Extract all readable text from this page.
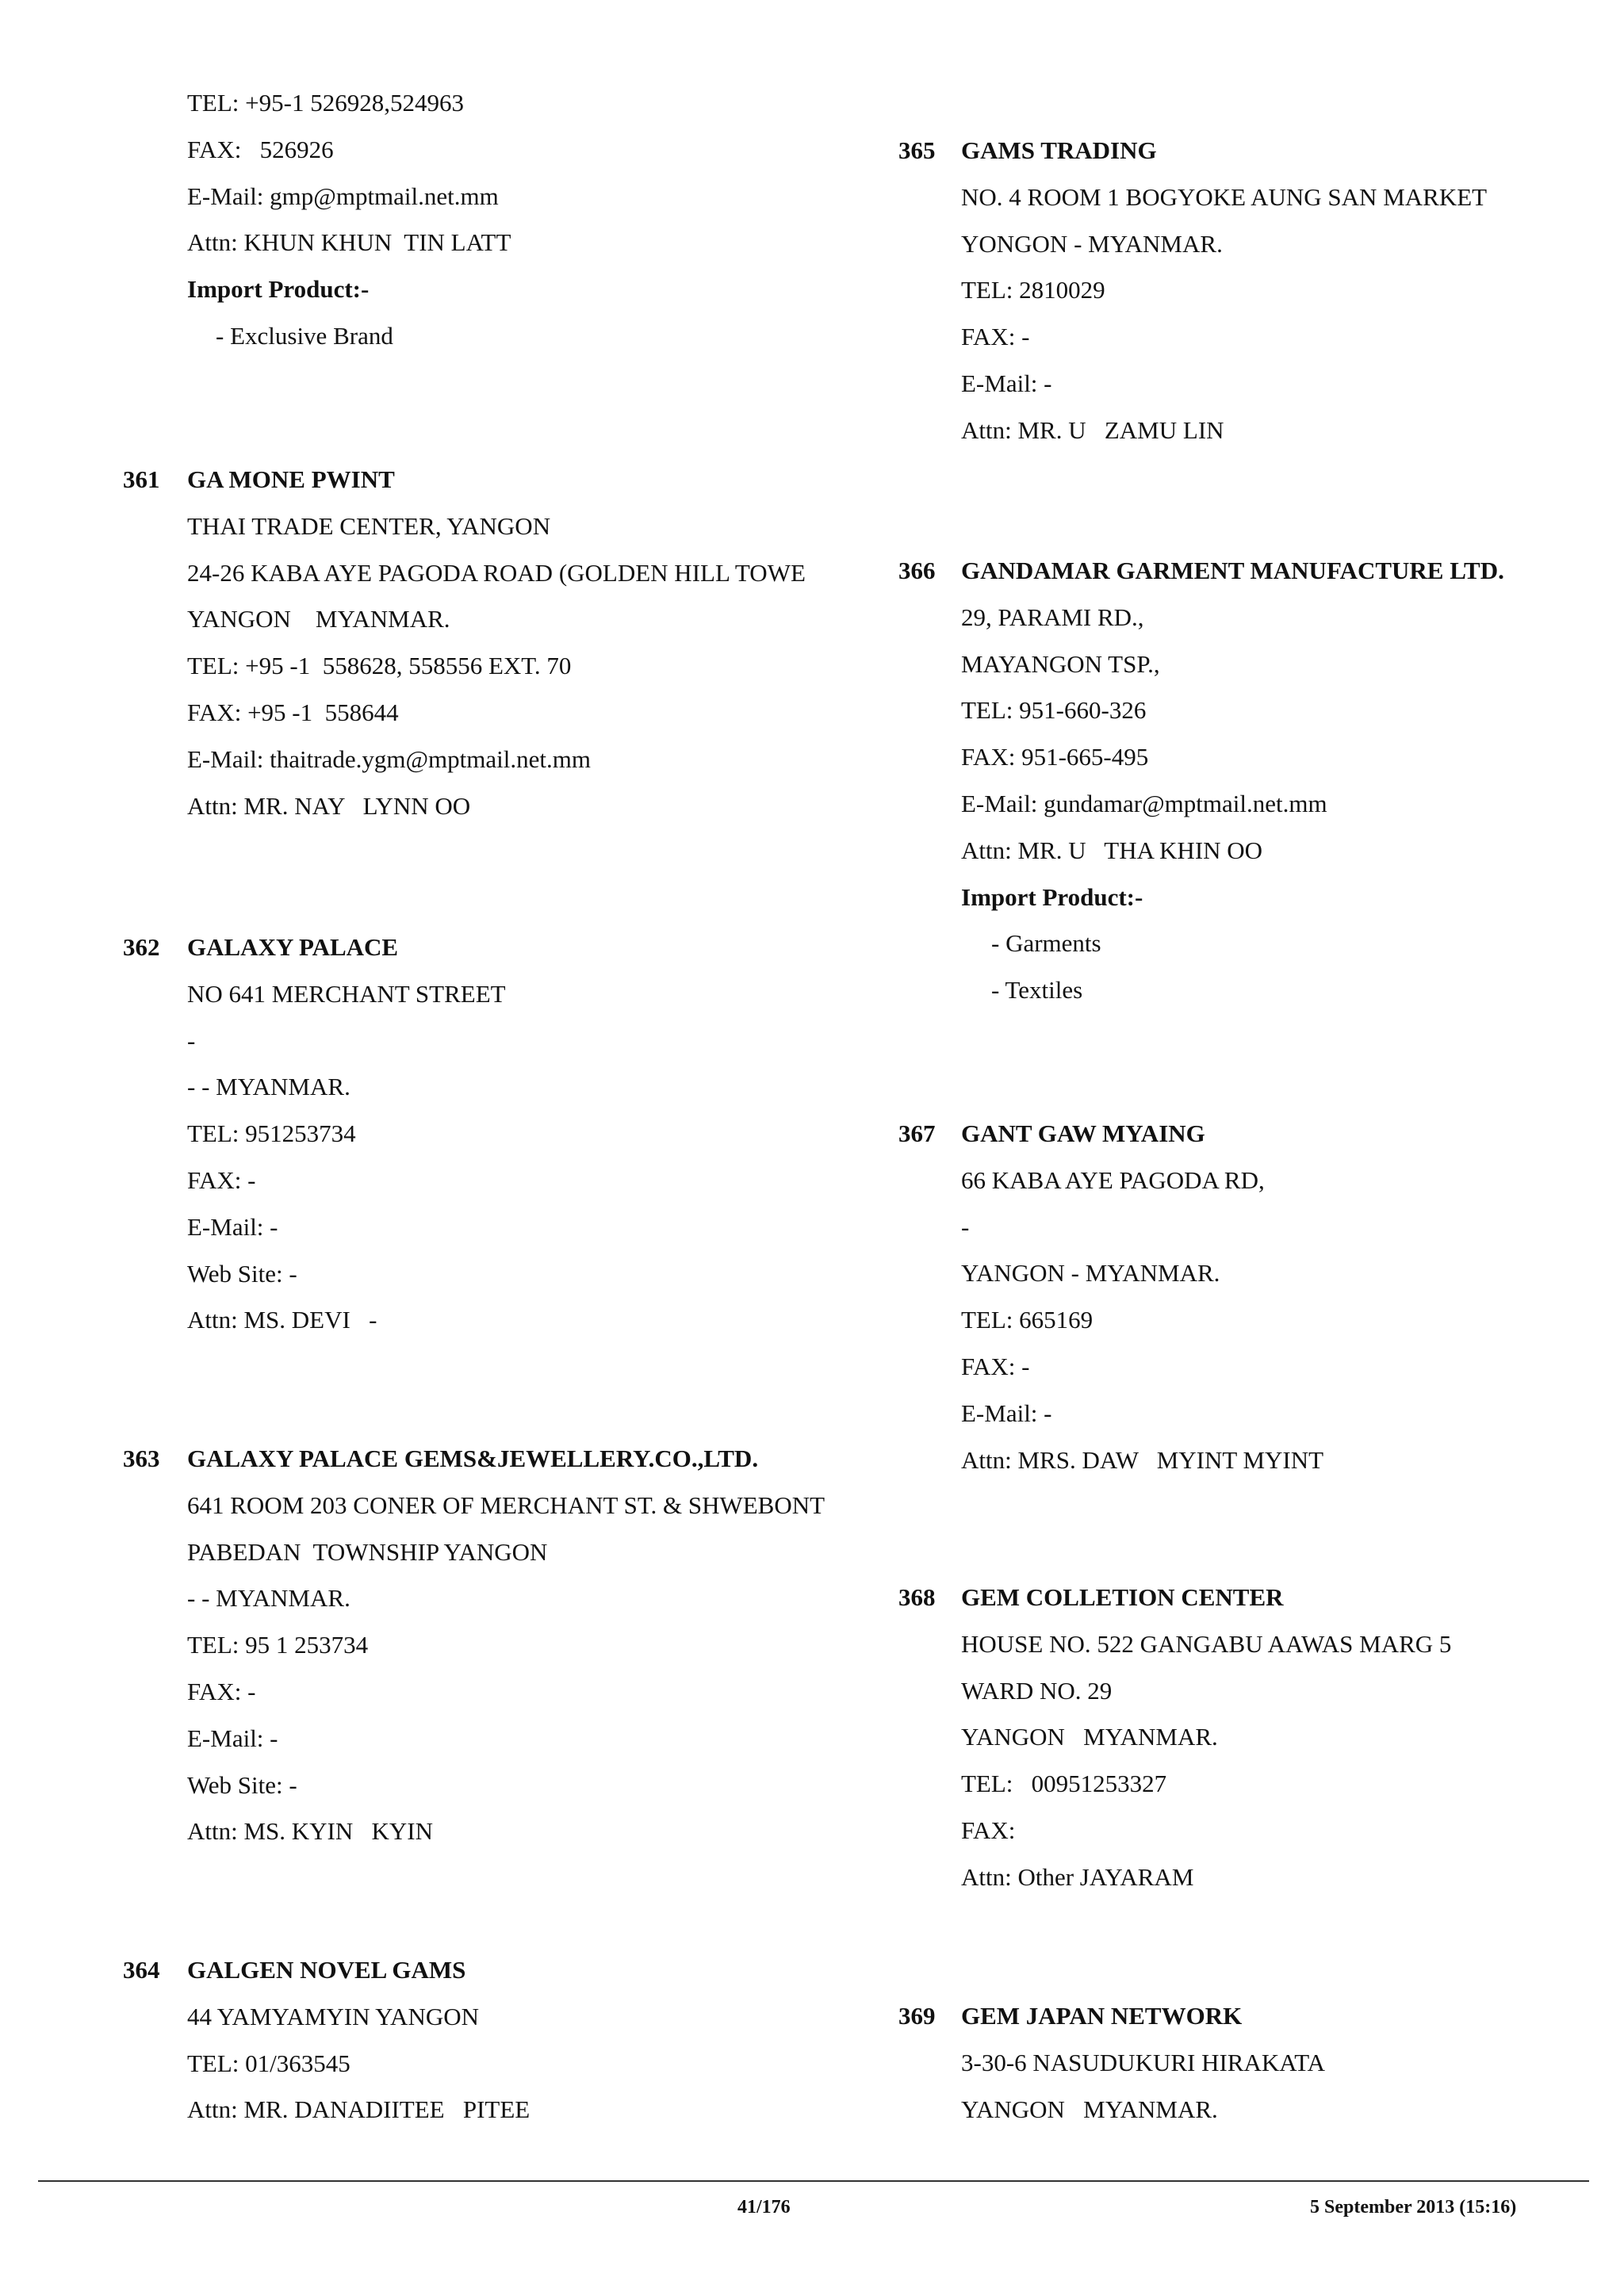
TEL: +95-1 526928,524963
FAX:   526926
E-Mail: gmp@mptmail.net.mm
Attn: KHUN KHUN  TIN LATT
Import Product:-
- Exclusive Brand
361 GA MONE PWINT
THAI TRADE CENTER, YANGON
24-26 KABA AYE PAGODA ROAD (GOLDEN HILL TOWE
YANGON    MYANMAR.
TEL: +95 -1  558628, 558556 EXT. 70
FAX: +95 -1  558644
E-Mail: thaitrade.ygm@mptmail.net.mm
Attn: MR. NAY   LYNN OO
362 GALAXY PALACE
NO 641 MERCHANT STREET
-
- - MYANMAR.
TEL: 951253734
FAX: -
E-Mail: -
Web Site: -
Attn: MS. DEVI   -
363 GALAXY PALACE GEMS&JEWELLERY.CO.,LTD.
641 ROOM 203 CONER OF MERCHANT ST. & SHWEBONT
PABEDAN  TOWNSHIP YANGON
- - MYANMAR.
TEL: 95 1 253734
FAX: -
E-Mail: -
Web Site: -
Attn: MS. KYIN   KYIN
364 GALGEN NOVEL GAMS
44 YAMYAMYIN YANGON
TEL: 01/363545
Attn: MR. DANADIITEE   PITEE
365 GAMS TRADING
NO. 4 ROOM 1 BOGYOKE AUNG SAN MARKET
YONGON - MYANMAR.
TEL: 2810029
FAX: -
E-Mail: -
Attn: MR. U   ZAMU LIN
366 GANDAMAR GARMENT MANUFACTURE LTD.
29, PARAMI RD.,
MAYANGON TSP.,
TEL: 951-660-326
FAX: 951-665-495
E-Mail: gundamar@mptmail.net.mm
Attn: MR. U   THA KHIN OO
Import Product:-
- Garments
- Textiles
367 GANT GAW MYAING
66 KABA AYE PAGODA RD,
-
YANGON - MYANMAR.
TEL: 665169
FAX: -
E-Mail: -
Attn: MRS. DAW   MYINT MYINT
368 GEM COLLETION CENTER
HOUSE NO. 522 GANGABU AAWAS MARG 5
WARD NO. 29
YANGON   MYANMAR.
TEL:   00951253327
FAX:
Attn: Other JAYARAM
369 GEM JAPAN NETWORK
3-30-6 NASUDUKURI HIRAKATA
YANGON   MYANMAR.
41/176	5 September 2013 (15:16)
